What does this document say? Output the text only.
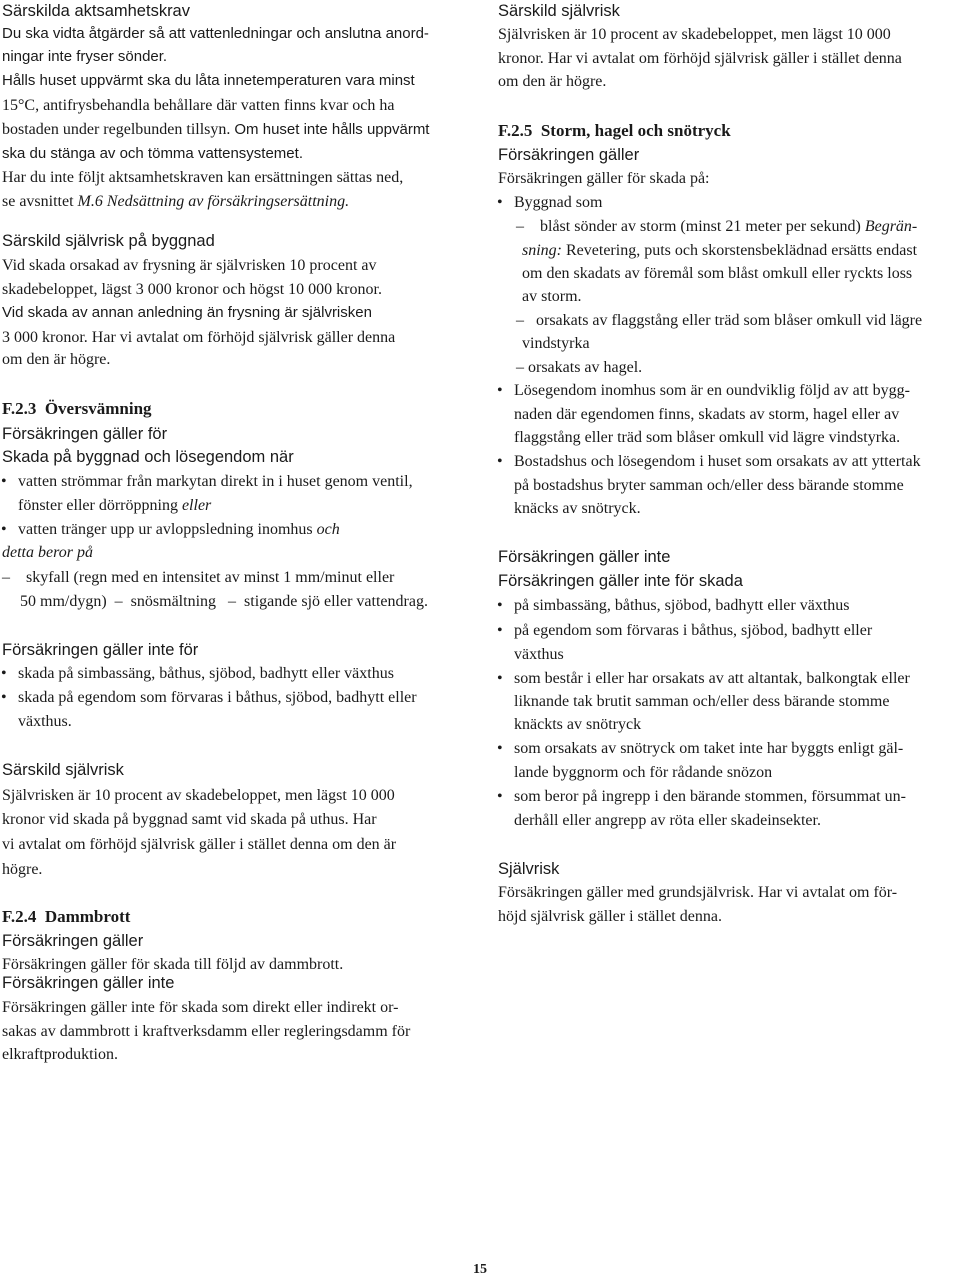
Särskilda aktsamhetskrav
Du ska vidta åtgärder så att vattenledningar och anslutna anord-
ningar inte fryser sönder.
Hålls huset uppvärmt ska du låta innetemperaturen vara minst
15°C, antifrysbehandla behållare där vatten finns kvar och ha
bostaden under regelbunden tillsyn. Om huset inte hålls uppvärmt
ska du stänga av och tömma vattensystemet.
Har du inte följt aktsamhetskraven kan ersättningen sättas ned,
se avsnittet M.6 Nedsättning av försäkringsersättning.
Särskild självrisk på byggnad
Vid skada orsakad av frysning är självrisken 10 procent av
skadebeloppet, lägst 3 000 kronor och högst 10 000 kronor.
Vid skada av annan anledning än frysning är självrisken
3 000 kronor. Har vi avtalat om förhöjd självrisk gäller denna
om den är högre.
F.2.3 Översvämning
Försäkringen gäller för
Skada på byggnad och lösegendom när
• vatten strömmar från markytan direkt in i huset genom ventil,
fönster eller dörröppning eller
• vatten tränger upp ur avloppsledning inomhus och
detta beror på
–    skyfall (regn med en intensitet av minst 1 mm/minut eller
50 mm/dygn)  –  snösmältning   –  stigande sjö eller vattendrag.
Försäkringen gäller inte för
• skada på simbassäng, båthus, sjöbod, badhytt eller växthus
• skada på egendom som förvaras i båthus, sjöbod, badhytt eller
växthus.
Särskild självrisk
Självrisken är 10 procent av skadebeloppet, men lägst 10 000
kronor vid skada på byggnad samt vid skada på uthus. Har
vi avtalat om förhöjd självrisk gäller i stället denna om den är
högre.
F.2.4 Dammbrott
Försäkringen gäller
Försäkringen gäller för skada till följd av dammbrott.
Försäkringen gäller inte
Försäkringen gäller inte för skada som direkt eller indirekt or-
sakas av dammbrott i kraftverksdamm eller regleringsdamm för
elkraftproduktion.
Särskild självrisk
Självrisken är 10 procent av skadebeloppet, men lägst 10 000
kronor. Har vi avtalat om förhöjd självrisk gäller i stället denna
om den är högre.
F.2.5 Storm, hagel och snötryck
Försäkringen gäller
Försäkringen gäller för skada på:
• Byggnad som
–    blåst sönder av storm (minst 21 meter per sekund) Begrän-
sning: Revetering, puts och skorstensbeklädnad ersätts endast
om den skadats av föremål som blåst omkull eller ryckts loss
av storm.
–   orsakats av flaggstång eller träd som blåser omkull vid lägre
vindstyrka
– orsakats av hagel.
• Lösegendom inomhus som är en oundviklig följd av att bygg-
naden där egendomen finns, skadats av storm, hagel eller av
flaggstång eller träd som blåser omkull vid lägre vindstyrka.
• Bostadshus och lösegendom i huset som orsakats av att yttertak
på bostadshus bryter samman och/eller dess bärande stomme
knäcks av snötryck.
Försäkringen gäller inte
Försäkringen gäller inte för skada
• på simbassäng, båthus, sjöbod, badhytt eller växthus
• på egendom som förvaras i båthus, sjöbod, badhytt eller
växthus
• som består i eller har orsakats av att altantak, balkongtak eller
liknande tak brutit samman och/eller dess bärande stomme
knäckts av snötryck
• som orsakats av snötryck om taket inte har byggts enligt gäl-
lande byggnorm och för rådande snözon
• som beror på ingrepp i den bärande stommen, försummat un-
derhåll eller angrepp av röta eller skadeinsekter.
Självrisk
Försäkringen gäller med grundsjälvrisk. Har vi avtalat om för-
höjd självrisk gäller i stället denna.
15
